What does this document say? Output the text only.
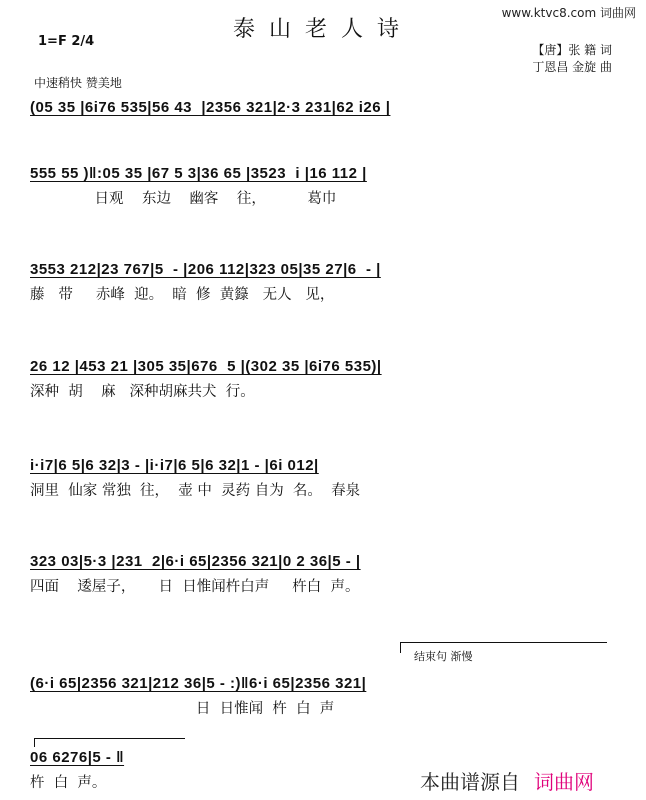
www.ktvc8.com 词曲网
1=F 2/4	泰山老人诗
【唐】张 籍 词
丁恩昌 金旋 曲
中速稍快 赞美地
(05 35 |6i76 535|56 43  |2356 321|2·3 231|62 i26 |
555 55 )‖:05 35 |67 5 3|36 65 |3523  i |16 112 |
日观    东边    幽客    往，         葛巾
3553 212|23 767|5  - |206 112|323 05|35 27|6  - |
藤   带     赤峰  迎。  暗  修  黄籙   无人   见，
26 12 |453 21 |305 35|676  5 |(302 35 |6i76 535)|
深种  胡    麻   深种胡麻共犬  行。
i·i7|6 5|6 32|3 - |i·i7|6 5|6 32|1 - |6i 012|
洞里  仙家 常独  往，  壶 中  灵药 自为  名。  春泉
323 03|5·3 |231  2|6·i 65|2356 321|0 2 36|5 - |
四面    逶屋子，     日  日惟闻杵白声     杵白  声。
结束句 渐慢
(6·i 65|2356 321|212 36|5 - :)‖6·i 65|2356 321|
日  日惟闻  杵  白  声
06 6276|5 - ‖
杵  白  声。	本曲谱源自 词曲网
